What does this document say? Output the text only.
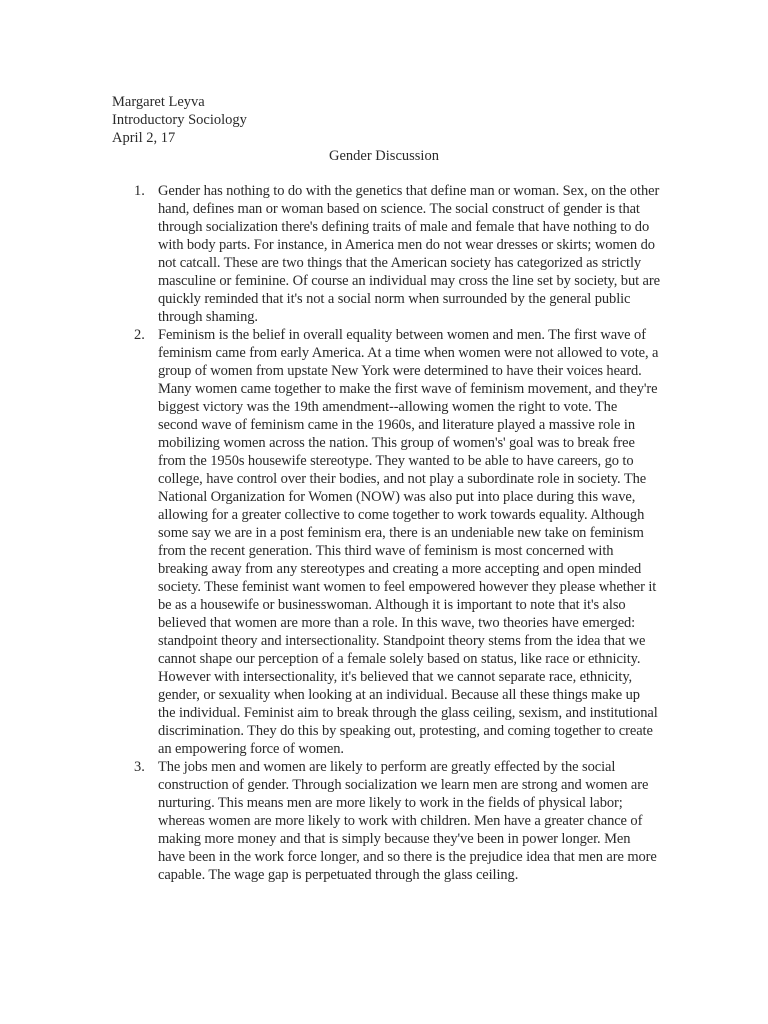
Margaret Leyva
Introductory Sociology
April 2, 17
Gender Discussion
1. Gender has nothing to do with the genetics that define man or woman. Sex, on the other hand, defines man or woman based on science. The social construct of gender is that through socialization there's defining traits of male and female that have nothing to do with body parts. For instance, in America men do not wear dresses or skirts; women do not catcall. These are two things that the American society has categorized as strictly masculine or feminine. Of course an individual may cross the line set by society, but are quickly reminded that it's not a social norm when surrounded by the general public through shaming.
2. Feminism is the belief in overall equality between women and men. The first wave of feminism came from early America. At a time when women were not allowed to vote, a group of women from upstate New York were determined to have their voices heard. Many women came together to make the first wave of feminism movement, and they're biggest victory was the 19th amendment--allowing women the right to vote. The second wave of feminism came in the 1960s, and literature played a massive role in mobilizing women across the nation. This group of women's' goal was to break free from the 1950s housewife stereotype. They wanted to be able to have careers, go to college, have control over their bodies, and not play a subordinate role in society. The National Organization for Women (NOW) was also put into place during this wave, allowing for a greater collective to come together to work towards equality. Although some say we are in a post feminism era, there is an undeniable new take on feminism from the recent generation. This third wave of feminism is most concerned with breaking away from any stereotypes and creating a more accepting and open minded society. These feminist want women to feel empowered however they please whether it be as a housewife or businesswoman. Although it is important to note that it's also believed that women are more than a role. In this wave, two theories have emerged: standpoint theory and intersectionality. Standpoint theory stems from the idea that we cannot shape our perception of a female solely based on status, like race or ethnicity. However with intersectionality, it's believed that we cannot separate race, ethnicity, gender, or sexuality when looking at an individual. Because all these things make up the individual. Feminist aim to break through the glass ceiling, sexism, and institutional discrimination. They do this by speaking out, protesting, and coming together to create an empowering force of women.
3. The jobs men and women are likely to perform are greatly effected by the social construction of gender. Through socialization we learn men are strong and women are nurturing. This means men are more likely to work in the fields of physical labor; whereas women are more likely to work with children. Men have a greater chance of making more money and that is simply because they've been in power longer. Men have been in the work force longer, and so there is the prejudice idea that men are more capable. The wage gap is perpetuated through the glass ceiling.
